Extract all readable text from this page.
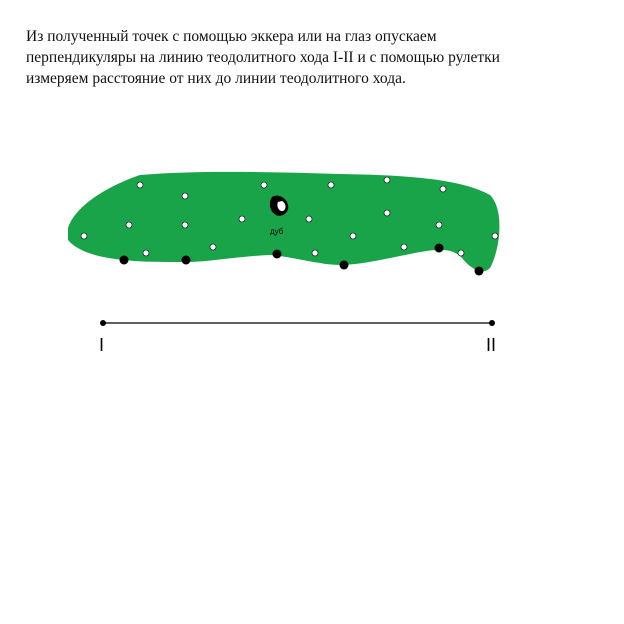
Из полученный точек с помощью эккера или на глаз опускаем
перпендикуляры на линию теодолитного хода I-II и с помощью рулетки
измеряем расстояние от них до линии теодолитного хода.
дуб
I	II
